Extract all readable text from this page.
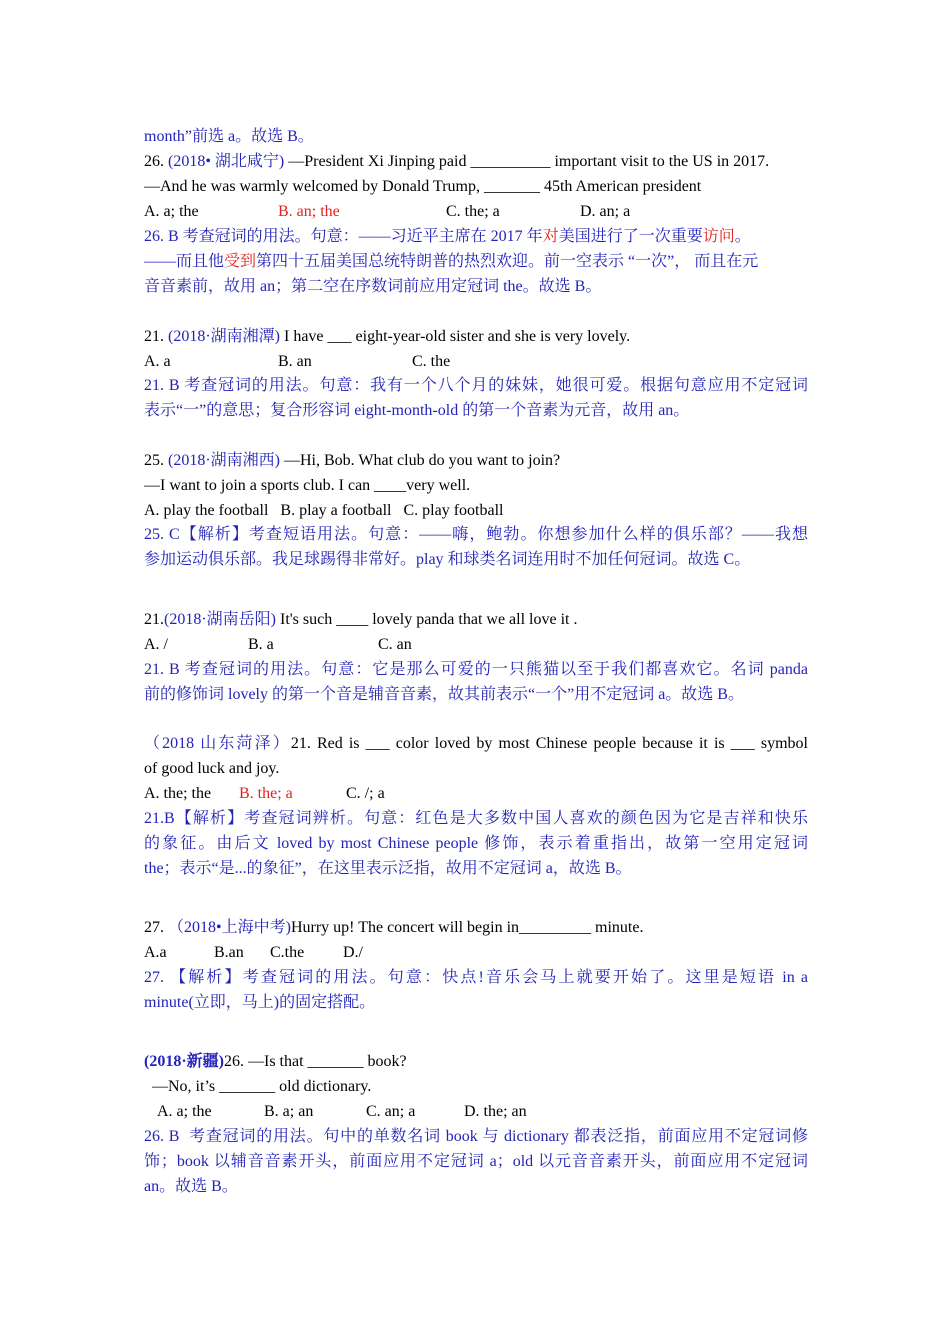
month”前选 a。故选 B。
26. (2018• 湖北咸宁) —President Xi Jinping paid __________ important visit to the US in 2017.
—And he was warmly welcomed by Donald Trump, _______ 45th American president

A. a; the

	B. an; the

	C. the; a

	D. an; a

26. B 考查冠词的用法。句意：——习近平主席在 2017 年对美国进行了一次重要访问。
——而且他受到第四十五届美国总统特朗普的热烈欢迎。前一空表示 “一次”， 而且在元
音音素前，故用 an；第二空在序数词前应用定冠词 the。故选 B。
21. (2018·湖南湘潭) I have ___ eight-year-old sister and she is very lovely.

A. a

	B. an

	C. the

21. B 考查冠词的用法。句意：我有一个八个月的妹妹，她很可爱。根据句意应用不定冠词
表示“一”的意思；复合形容词 eight-month-old 的第一个音素为元音，故用 an。
25. (2018·湖南湘西) —Hi, Bob. What club do you want to join?
—I want to join a sports club. I can ____very well.
A. play the football   B. play a football   C. play football
25. C【解析】考查短语用法。句意：——嗨，鲍勃。你想参加什么样的俱乐部？——我想
参加运动俱乐部。我足球踢得非常好。play 和球类名词连用时不加任何冠词。故选 C。
21.(2018·湖南岳阳) It's such ____ lovely panda that we all love it .

A. /

	B. a

	C. an

21. B 考查冠词的用法。句意：它是那么可爱的一只熊猫以至于我们都喜欢它。名词 panda
前的修饰词 lovely 的第一个音是辅音音素，故其前表示“一个”用不定冠词 a。故选 B。
（2018 山东菏泽）21. Red is ___ color loved by most Chinese people because it is ___ symbol
of good luck and joy.

A. the; the

B. the; a

	C. /; a

21.B【解析】考查冠词辨析。句意：红色是大多数中国人喜欢的颜色因为它是吉祥和快乐
的象征。由后文 loved by most Chinese people 修饰，表示着重指出，故第一空用定冠词
the；表示“是...的象征”，在这里表示泛指，故用不定冠词 a，故选 B。
27. （2018•上海中考)Hurry up! The concert will begin in_________ minute.

A.a

	B.an

C.the

D./

27. 【解析】考查冠词的用法。句意：快点!音乐会马上就要开始了。这里是短语 in a
minute(立即，马上)的固定搭配。
(2018·新疆)26. —Is that _______ book?
—No, it’s _______ old dictionary.

A. a; the

	B. a; an

	C. an; a

	D. the; an

26. B  考查冠词的用法。句中的单数名词 book 与 dictionary 都表泛指，前面应用不定冠词修
饰；book 以辅音音素开头，前面应用不定冠词 a；old 以元音音素开头，前面应用不定冠词
an。故选 B。
